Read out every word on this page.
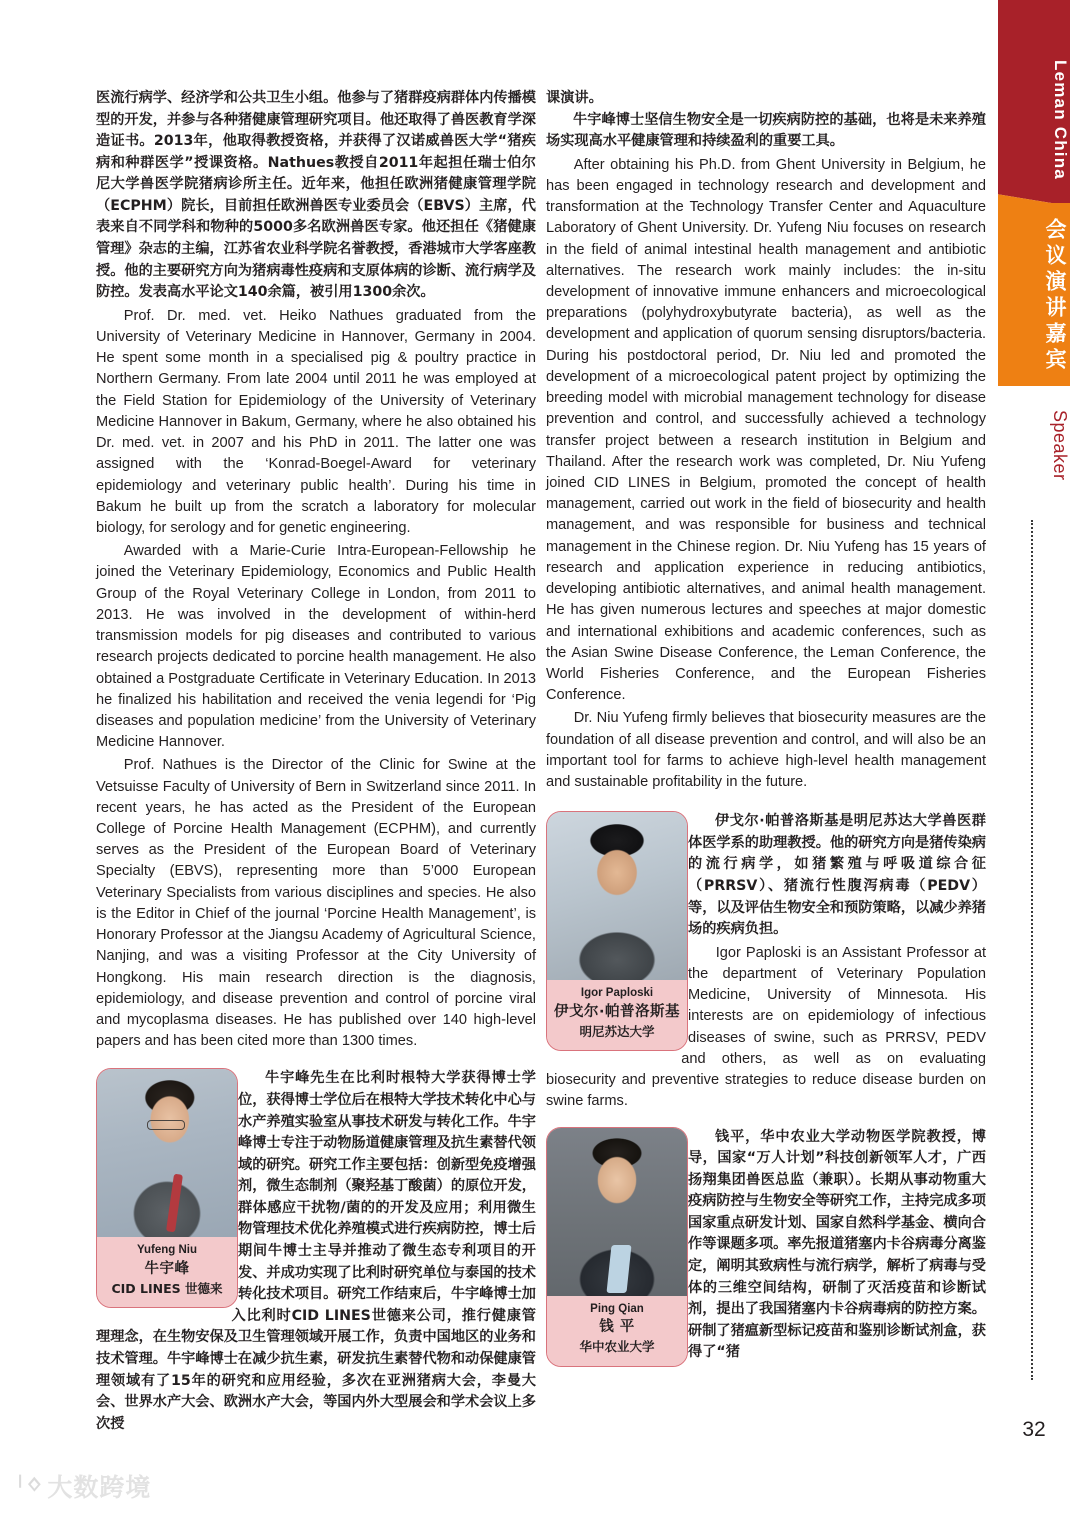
Leman China
会议演讲嘉宾
Speaker
32

医流行病学、经济学和公共卫生小组。他参与了猪群疫病群体内传播模型的开发，并参与各种猪健康管理研究项目。他还取得了兽医教育学深造证书。2013年，他取得教授资格，并获得了汉诺威兽医大学“猪疾病和种群医学”授课资格。Nathues教授自2011年起担任瑞士伯尔尼大学兽医学院猪病诊所主任。近年来，他担任欧洲猪健康管理学院（ECPHM）院长，目前担任欧洲兽医专业委员会（EBVS）主席，代表来自不同学科和物种的5000多名欧洲兽医专家。他还担任《猪健康管理》杂志的主编，江苏省农业科学院名誉教授，香港城市大学客座教授。他的主要研究方向为猪病毒性疫病和支原体病的诊断、流行病学及防控。发表高水平论文140余篇，被引用1300余次。

Prof. Dr. med. vet. Heiko Nathues graduated from the University of Veterinary Medicine in Hannover, Germany in 2004. He spent some month in a specialised pig & poultry practice in Northern Germany. From late 2004 until 2011 he was employed at the Field Station for Epidemiology of the University of Veterinary Medicine Hannover in Bakum, Germany, where he also obtained his Dr. med. vet. in 2007 and his PhD in 2011. The latter one was assigned with the ‘Konrad-Boegel-Award for veterinary epidemiology and veterinary public health’. During his time in Bakum he built up from the scratch a laboratory for molecular biology, for serology and for genetic engineering.

Awarded with a Marie-Curie Intra-European-Fellowship he joined the Veterinary Epidemiology, Economics and Public Health Group of the Royal Veterinary College in London, from 2011 to 2013. He was involved in the development of within-herd transmission models for pig diseases and contributed to various research projects dedicated to porcine health management. He also obtained a Postgraduate Certificate in Veterinary Education. In 2013 he finalized his habilitation and received the venia legendi for ‘Pig diseases and population medicine’ from the University of Veterinary Medicine Hannover.

Prof. Nathues is the Director of the Clinic for Swine at the Vetsuisse Faculty of University of Bern in Switzerland since 2011. In recent years, he has acted as the President of the European College of Porcine Health Management (ECPHM), and currently serves as the President of the European Board of Veterinary Specialty (EBVS), representing more than 5’000 European Veterinary Specialists from various disciplines and species. He also is the Editor in Chief of the journal ‘Porcine Health Management’, is Honorary Professor at the Jiangsu Academy of Agricultural Science, Nanjing, and was a visiting Professor at the City University of Hongkong. His main research direction is the diagnosis, epidemiology, and disease prevention and control of porcine viral and mycoplasma diseases. He has published over 140 high-level papers and has been cited more than 1300 times.

Yufeng Niu
牛宇峰
CID LINES 世德来

牛宇峰先生在比利时根特大学获得博士学位，获得博士学位后在根特大学技术转化中心与水产养殖实验室从事技术研发与转化工作。牛宇峰博士专注于动物肠道健康管理及抗生素替代领域的研究。研究工作主要包括：创新型免疫增强剂，微生态制剂（聚羟基丁酸菌）的原位开发，群体感应干扰物/菌的的开发及应用；利用微生物管理技术优化养殖模式进行疾病防控，博士后期间牛博士主导并推动了微生态专利项目的开发、并成功实现了比利时研究单位与泰国的技术转化技术项目。研究工作结束后，牛宇峰博士加入比利时CID LINES世德来公司，推行健康管理理念，在生物安保及卫生管理领域开展工作，负责中国地区的业务和技术管理。牛宇峰博士在减少抗生素，研发抗生素替代物和动保健康管理领域有了15年的研究和应用经验，多次在亚洲猪病大会，李曼大会、世界水产大会、欧洲水产大会，等国内外大型展会和学术会议上多次授

课演讲。

牛宇峰博士坚信生物安全是一切疾病防控的基础，也将是未来养殖场实现高水平健康管理和持续盈利的重要工具。

After obtaining his Ph.D. from Ghent University in Belgium, he has been engaged in technology research and development and transformation at the Technology Transfer Center and Aquaculture Laboratory of Ghent University. Dr. Yufeng Niu focuses on research in the field of animal intestinal health management and antibiotic alternatives. The research work mainly includes: the in-situ development of innovative immune enhancers and microecological preparations (polyhydroxybutyrate bacteria), as well as the development and application of quorum sensing disruptors/bacteria. During his postdoctoral period, Dr. Niu led and promoted the development of a microecological patent project by optimizing the breeding model with microbial management technology for disease prevention and control, and successfully achieved a technology transfer project between a research institution in Belgium and Thailand. After the research work was completed, Dr. Niu Yufeng joined CID LINES in Belgium, promoted the concept of health management, carried out work in the field of biosecurity and health management, and was responsible for business and technical management in the Chinese region. Dr. Niu Yufeng has 15 years of research and application experience in reducing antibiotics, developing antibiotic alternatives, and animal health management. He has given numerous lectures and speeches at major domestic and international exhibitions and academic conferences, such as the Asian Swine Disease Conference, the Leman Conference, the World Fisheries Conference, and the European Fisheries Conference.

Dr. Niu Yufeng firmly believes that biosecurity measures are the foundation of all disease prevention and control, and will also be an important tool for farms to achieve high-level health management and sustainable profitability in the future.

Igor Paploski
伊戈尔·帕普洛斯基
明尼苏达大学

伊戈尔·帕普洛斯基是明尼苏达大学兽医群体医学系的助理教授。他的研究方向是猪传染病的流行病学，如猪繁殖与呼吸道综合征（PRRSV）、猪流行性腹泻病毒（PEDV）等，以及评估生物安全和预防策略，以减少养猪场的疾病负担。

Igor Paploski is an Assistant Professor at the department of Veterinary Population Medicine, University of Minnesota. His interests are on epidemiology of infectious diseases of swine, such as PRRSV, PEDV and others, as well as on evaluating biosecurity and preventive strategies to reduce disease burden on swine farms.

Ping Qian
钱 平
华中农业大学

钱平，华中农业大学动物医学院教授，博导，国家“万人计划”科技创新领军人才，广西扬翔集团兽医总监（兼职）。长期从事动物重大疫病防控与生物安全等研究工作，主持完成多项国家重点研发计划、国家自然科学基金、横向合作等课题多项。率先报道猪塞内卡谷病毒分离鉴定，阐明其致病性与流行病学，解析了病毒与受体的三维空间结构，研制了灭活疫苗和诊断试剂，提出了我国猪塞内卡谷病毒病的防控方案。研制了猪瘟新型标记疫苗和鉴别诊断试剂盒，获得了“猪

ᛌᛜ 大数跨境
